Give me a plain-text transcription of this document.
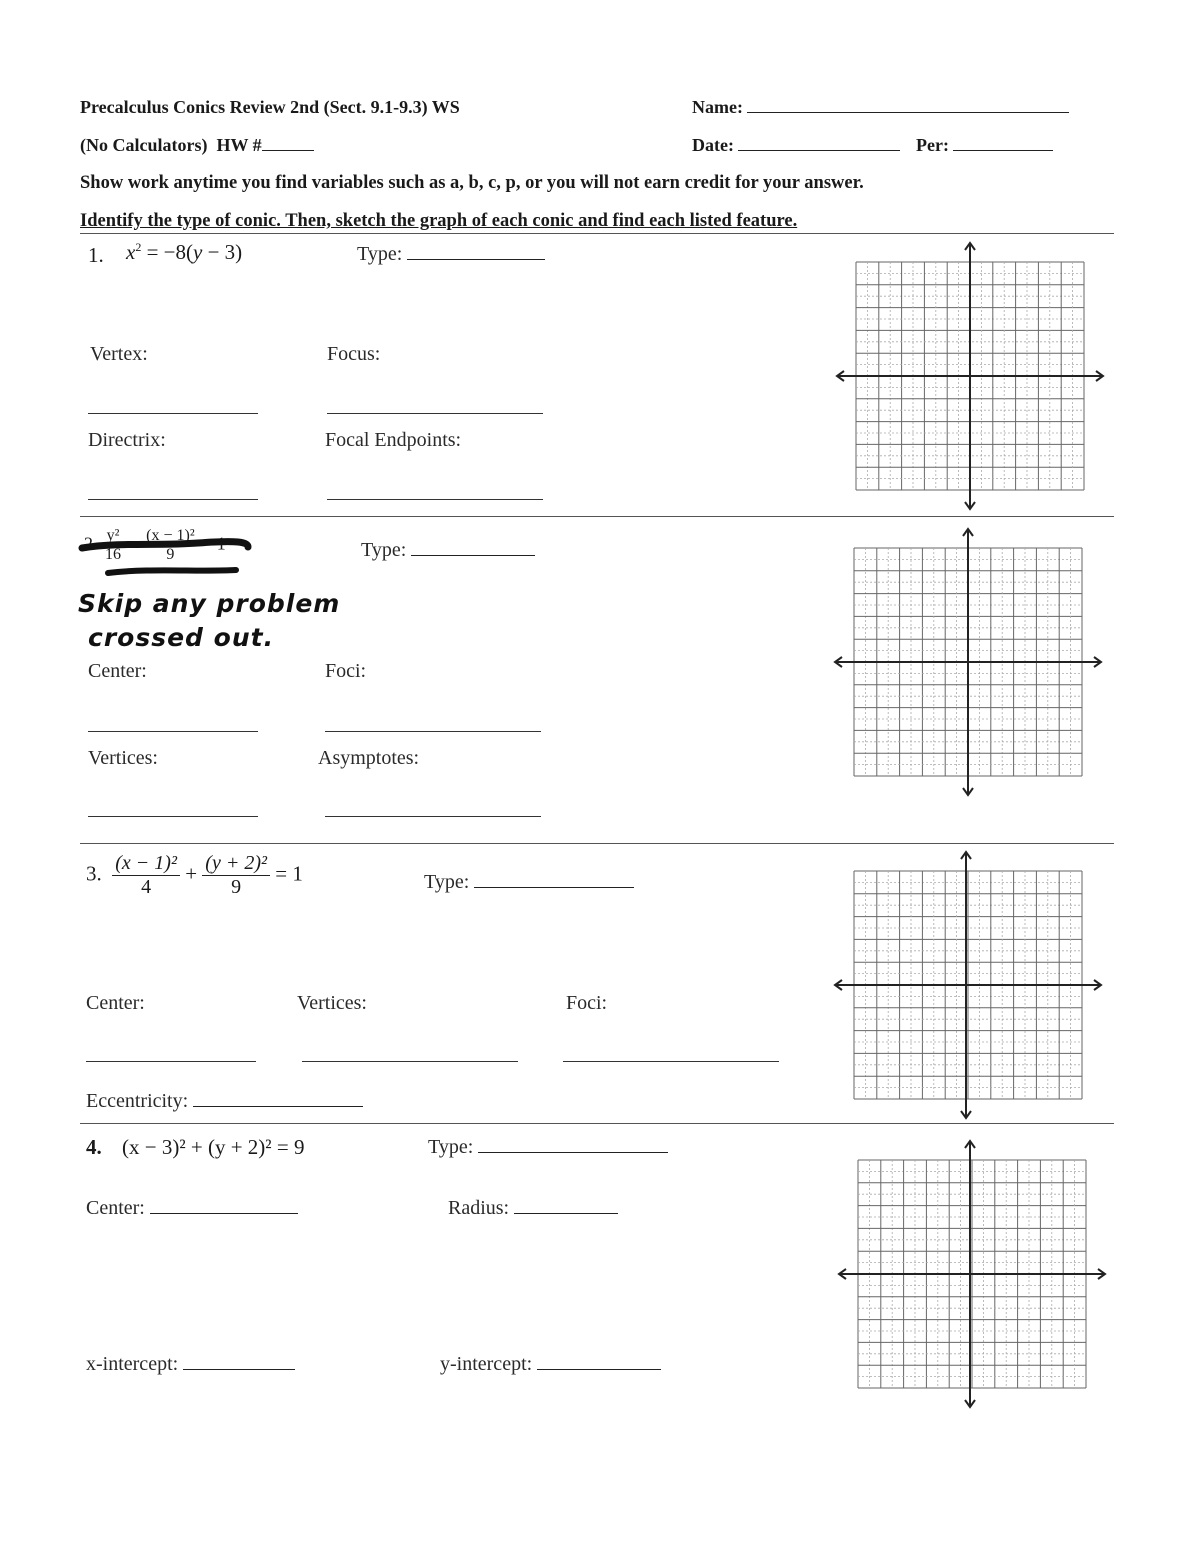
Precalculus Conics Review 2nd (Sect. 9.1-9.3) WS	Name:
(No Calculators) HW #	Date:	Per:
Show work anytime you find variables such as a, b, c, p, or you will not earn credit for your answer.
Identify the type of conic. Then, sketch the graph of each conic and find each listed feature.
1. $x^2 = -8(y - 3)$	Type:
Vertex:	Focus:
Directrix:	Focal Endpoints:
2. $\frac{\text{y²}}{16} - \frac{\text{(x − 1)²}}{9} = 1$	Type:
Skip any problem
crossed out.
Center:	Foci:
Vertices:	Asymptotes:
3. $\frac{\text{(x − 1)²}}{4} + \frac{\text{(y + 2)²}}{9} = 1$	Type:
Center:	Vertices:	Foci:
Eccentricity:
4. (x − 3)² + (y + 2)² = 9	Type:
Center:	Radius:
x-intercept:	y-intercept:
